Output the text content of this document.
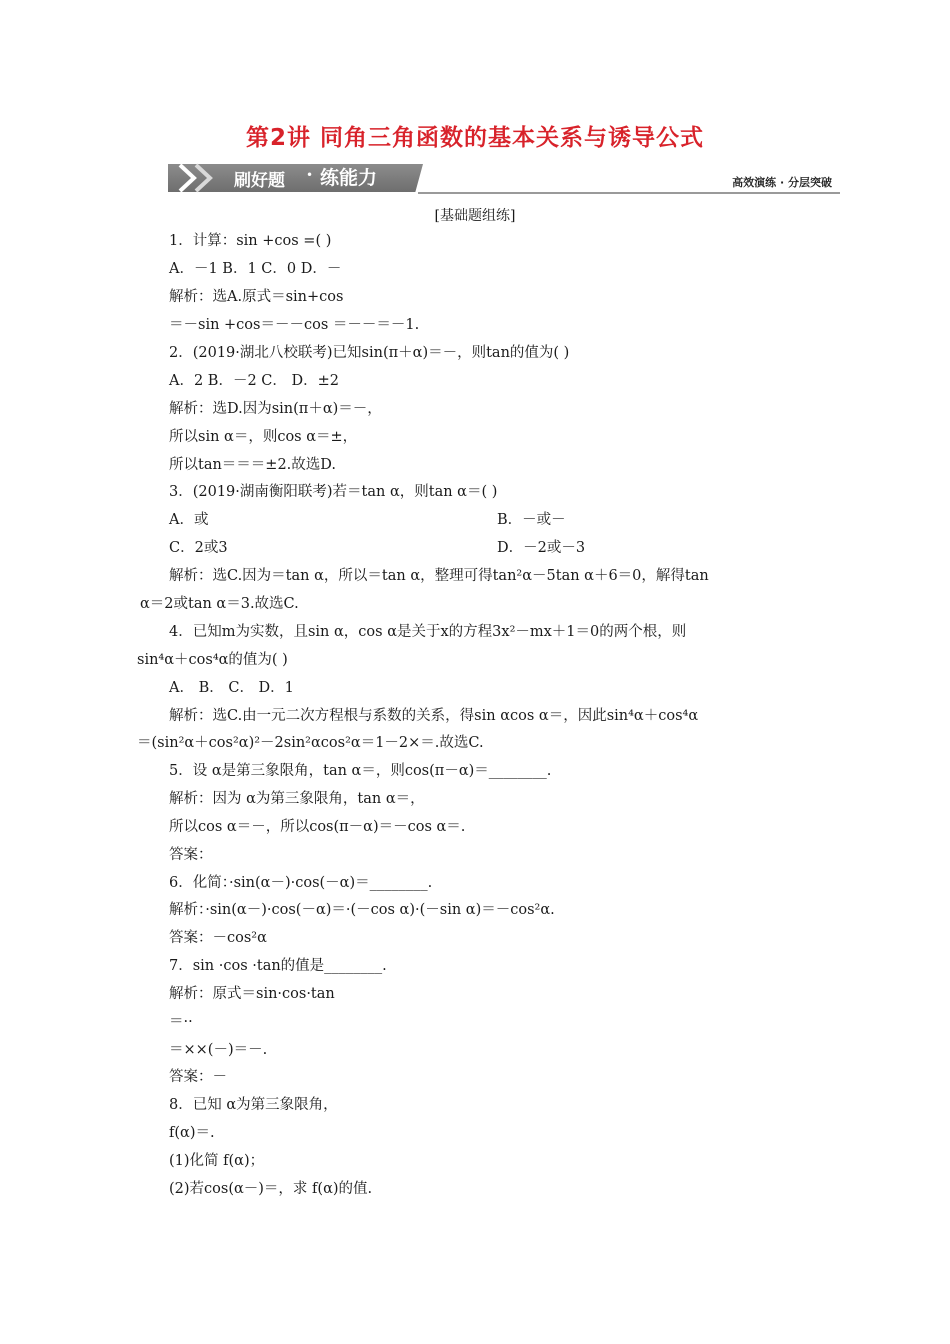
第2讲 同角三角函数的基本关系与诱导公式
刷好题 • 练能力	高效演练 · 分层突破
[基础题组练]
1．计算：sin +cos =( )
A．－1 B．1 C．0 D．－
解析：选A.原式＝sin+cos
＝－sin +cos＝－－cos ＝－－＝－1.
2．(2019·湖北八校联考)已知sin(π＋α)＝－，则tan的值为( )
A．2 B．－2 C． D．±2
解析：选D.因为sin(π＋α)＝－，
所以sin α＝，则cos α＝±，
所以tan＝＝＝±2.故选D.
3．(2019·湖南衡阳联考)若＝tan α，则tan α＝( )
A．或	B．－或－
C．2或3	D．－2或－3
解析：选C.因为＝tan α，所以＝tan α，整理可得tan²α－5tan α＋6＝0，解得tan
α＝2或tan α＝3.故选C.
4．已知m为实数，且sin α，cos α是关于x的方程3x²－mx＋1＝0的两个根，则
sin⁴α＋cos⁴α的值为( )
A． B． C． D．1
解析：选C.由一元二次方程根与系数的关系，得sin αcos α＝，因此sin⁴α＋cos⁴α
＝(sin²α＋cos²α)²－2sin²αcos²α＝1－2×＝.故选C.
5．设 α是第三象限角，tan α＝，则cos(π－α)＝________.
解析：因为 α为第三象限角，tan α＝，
所以cos α＝－，所以cos(π－α)＝－cos α＝.
答案：
6．化简：·sin(α－)·cos(－α)＝________.
解析：·sin(α－)·cos(－α)＝·(－cos α)·(－sin α)＝－cos²α.
答案：－cos²α
7．sin ·cos ·tan的值是________.
解析：原式＝sin·cos·tan
＝··
＝××(－)＝－.
答案：－
8．已知 α为第三象限角，
f(α)＝.
(1)化简 f(α)；
(2)若cos(α－)＝，求 f(α)的值.
